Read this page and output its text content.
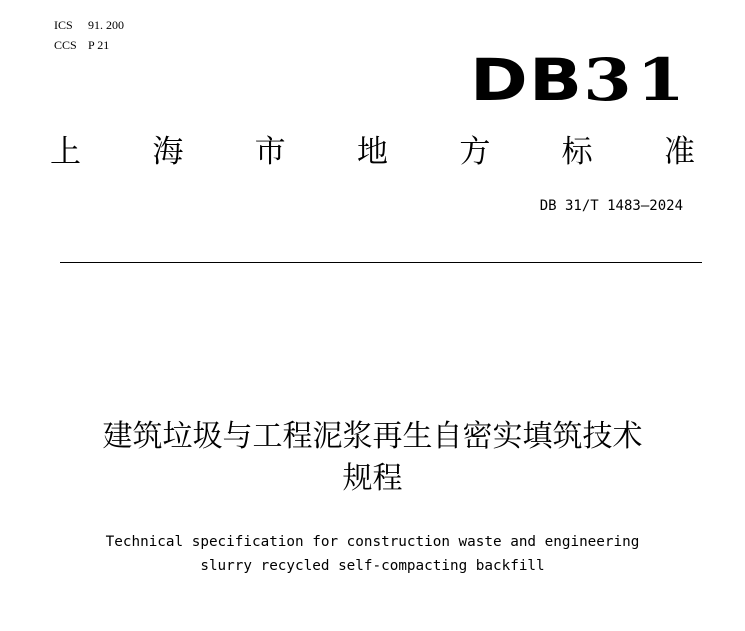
ICS 91. 200
CCS P 21
DB31
上 海 市 地 方 标 准
DB 31/T 1483—2024
建筑垃圾与工程泥浆再生自密实填筑技术
规程
Technical specification for construction waste and engineering
slurry recycled self-compacting backfill
